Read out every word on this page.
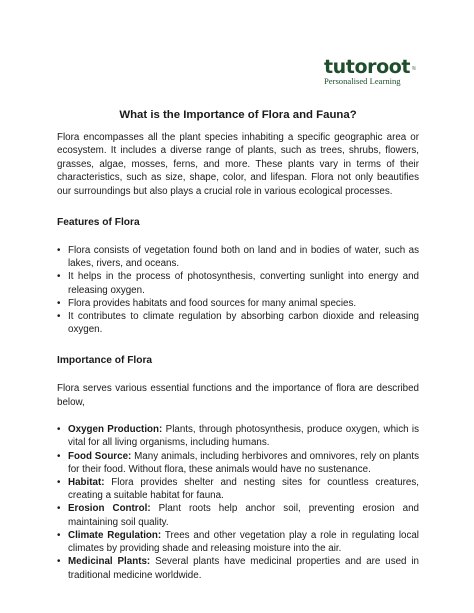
tutoroot
Personalised Learning
What is the Importance of Flora and Fauna?

Flora encompasses all the plant species inhabiting a specific geographic area or ecosystem. It includes a diverse range of plants, such as trees, shrubs, flowers, grasses, algae, mosses, ferns, and more. These plants vary in terms of their characteristics, such as size, shape, color, and lifespan. Flora not only beautifies our surroundings but also plays a crucial role in various ecological processes.

Features of Flora
• Flora consists of vegetation found both on land and in bodies of water, such as lakes, rivers, and oceans.
• It helps in the process of photosynthesis, converting sunlight into energy and releasing oxygen.
• Flora provides habitats and food sources for many animal species.
• It contributes to climate regulation by absorbing carbon dioxide and releasing oxygen.
Importance of Flora

Flora serves various essential functions and the importance of flora are described below,

• Oxygen Production: Plants, through photosynthesis, produce oxygen, which is vital for all living organisms, including humans.
• Food Source: Many animals, including herbivores and omnivores, rely on plants for their food. Without flora, these animals would have no sustenance.
• Habitat: Flora provides shelter and nesting sites for countless creatures, creating a suitable habitat for fauna.
• Erosion Control: Plant roots help anchor soil, preventing erosion and maintaining soil quality.
• Climate Regulation: Trees and other vegetation play a role in regulating local climates by providing shade and releasing moisture into the air.
• Medicinal Plants: Several plants have medicinal properties and are used in traditional medicine worldwide.
